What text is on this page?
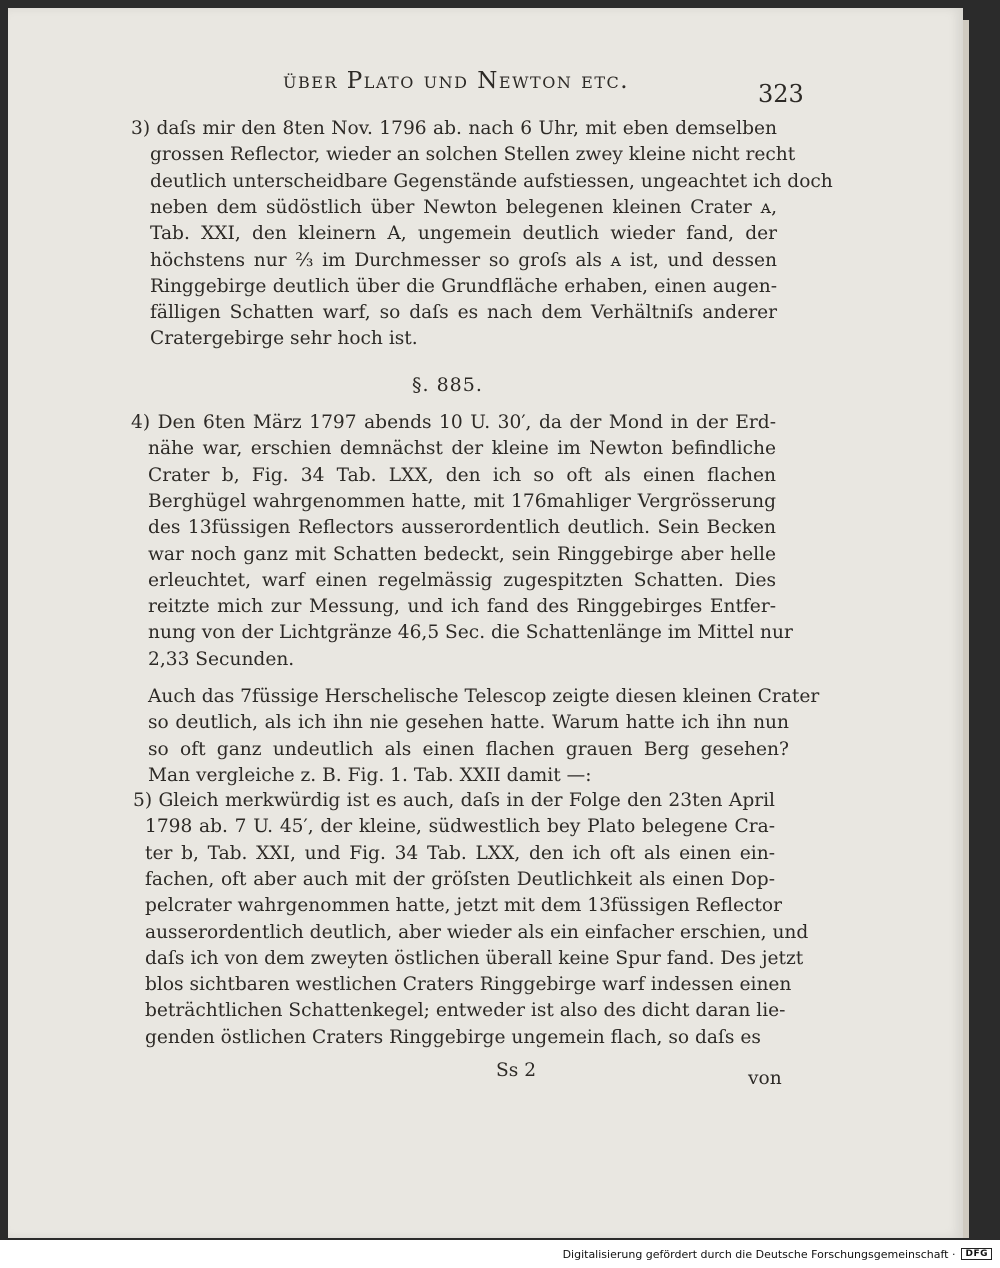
über Plato und Newton etc.	323
3) daſs mir den 8ten Nov. 1796 ab. nach 6 Uhr, mit eben demselben
grossen Reflector, wieder an solchen Stellen zwey kleine nicht recht
deutlich unterscheidbare Gegenstände aufstiessen, ungeachtet ich doch
neben dem südöstlich über Newton belegenen kleinen Crater ᴀ,
Tab. XXI, den kleinern A, ungemein deutlich wieder fand, der
höchstens nur ⅔ im Durchmesser so groſs als ᴀ ist, und dessen
Ringgebirge deutlich über die Grundfläche erhaben, einen augen-
fälligen Schatten warf, so daſs es nach dem Verhältniſs anderer
Cratergebirge sehr hoch ist.
4) Den 6ten März 1797 abends 10 U. 30′, da der Mond in der Erd-
nähe war, erschien demnächst der kleine im Newton befindliche
Crater b, Fig. 34 Tab. LXX, den ich so oft als einen flachen
Berghügel wahrgenommen hatte, mit 176mahliger Vergrösserung
des 13füssigen Reflectors ausserordentlich deutlich. Sein Becken
war noch ganz mit Schatten bedeckt, sein Ringgebirge aber helle
erleuchtet, warf einen regelmässig zugespitzten Schatten. Dies
reitzte mich zur Messung, und ich fand des Ringgebirges Entfer-
nung von der Lichtgränze 46,5 Sec. die Schattenlänge im Mittel nur
2,33 Secunden.
Auch das 7füssige Herschelische Telescop zeigte diesen kleinen Crater
so deutlich, als ich ihn nie gesehen hatte. Warum hatte ich ihn nun
so oft ganz undeutlich als einen flachen grauen Berg gesehen?
Man vergleiche z. B. Fig. 1. Tab. XXII damit —:
5) Gleich merkwürdig ist es auch, daſs in der Folge den 23ten April
1798 ab. 7 U. 45′, der kleine, südwestlich bey Plato belegene Cra-
ter b, Tab. XXI, und Fig. 34 Tab. LXX, den ich oft als einen ein-
fachen, oft aber auch mit der gröſsten Deutlichkeit als einen Dop-
pelcrater wahrgenommen hatte, jetzt mit dem 13füssigen Reflector
ausserordentlich deutlich, aber wieder als ein einfacher erschien, und
daſs ich von dem zweyten östlichen überall keine Spur fand. Des jetzt
blos sichtbaren westlichen Craters Ringgebirge warf indessen einen
beträchtlichen Schattenkegel; entweder ist also des dicht daran lie-
genden östlichen Craters Ringgebirge ungemein flach, so daſs es
§. 885.
Ss 2	von
Digitalisierung gefördert durch die Deutsche Forschungsgemeinschaft ·	DFG
